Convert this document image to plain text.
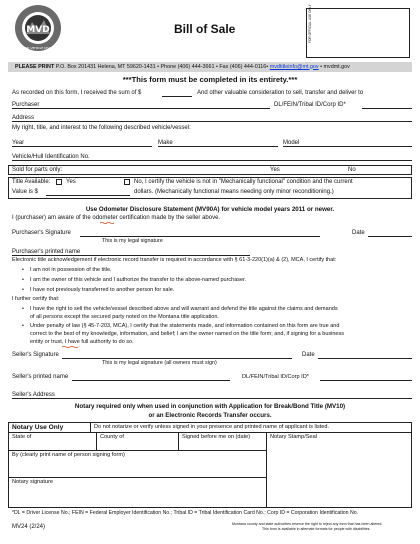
MVD
MOTOR VEHICLE DIVISION
Bill of Sale	FOR OFFICIAL USE ONLY
PLEASE PRINT P.O. Box 201431 Helena, MT 59620-1431 • Phone (406) 444-3661 • Fax (406) 444-0116• mvdtitleinfo@mt.gov • mvdmt.gov
***This form must be completed in its entirety.***
As recorded on this form, I received the sum of $	And other valuable consideration to sell, transfer and deliver to
Purchaser	DL/FEIN/Tribal ID/Corp ID*
Address
My right, title, and interest to the following described vehicle/vessel:
Year	Make	Model
Vehicle/Hull Identification No.
Sold for parts only:	Yes	No
Title Available:	Yes	No, I certify the vehicle is not in "Mechanically functional" condition and the current
Value is $	dollars. (Mechanically functional means needing only minor reconditioning.)
Use Odometer Disclosure Statement (MV90A) for vehicle model years 2011 or newer.
I (purchaser) am aware of the odometer certification made by the seller above.
Purchaser's Signature	Date
This is my legal signature
Purchaser's printed name
Electronic title acknowledgement if electronic record transfer is required in accordance with § 61-3-220(1)(a) & (2), MCA, I certify that:
• I am not in possession of the title.
• I am the owner of this vehicle and I authorize the transfer to the above-named purchaser.
• I have not previously transferred to another person for sale.
I further certify that:
• I have the right to sell the vehicle/vessel described above and will warrant and defend the title against the claims and demands
of all persons except the secured party noted on the Montana title application.
• Under penalty of law (§ 45-7-203, MCA), I certify that the statements made, and information contained on this form are true and
correct to the best of my knowledge, information, and belief; I am the owner named on the title form; and, if signing for a business
entity or trust, I have full authority to do so.
Seller's Signature	Date
This is my legal signature (all owners must sign)
Seller's printed name	DL/FEIN/Tribal ID/Corp ID*
Seller's Address
Notary required only when used in conjunction with Application for Break/Bond Title (MV10)
or an Electronic Records Transfer occurs.
Notary Use Only	Do not notarize or verify unless signed in your presence and printed name of applicant is listed.
State of	County of	Signed before me on (date)	Notary Stamp/Seal
By (clearly print name of person signing form)
Notary signature
*DL = Driver License No.; FEIN = Federal Employer Identification No.; Tribal ID = Tribal Identification Card No.; Corp ID = Corporation Identification No.
MV24 (2/24)	Montana county and state authorities reserve the right to reject any form that has been altered.
This form is available in alternate formats for people with disabilities.
